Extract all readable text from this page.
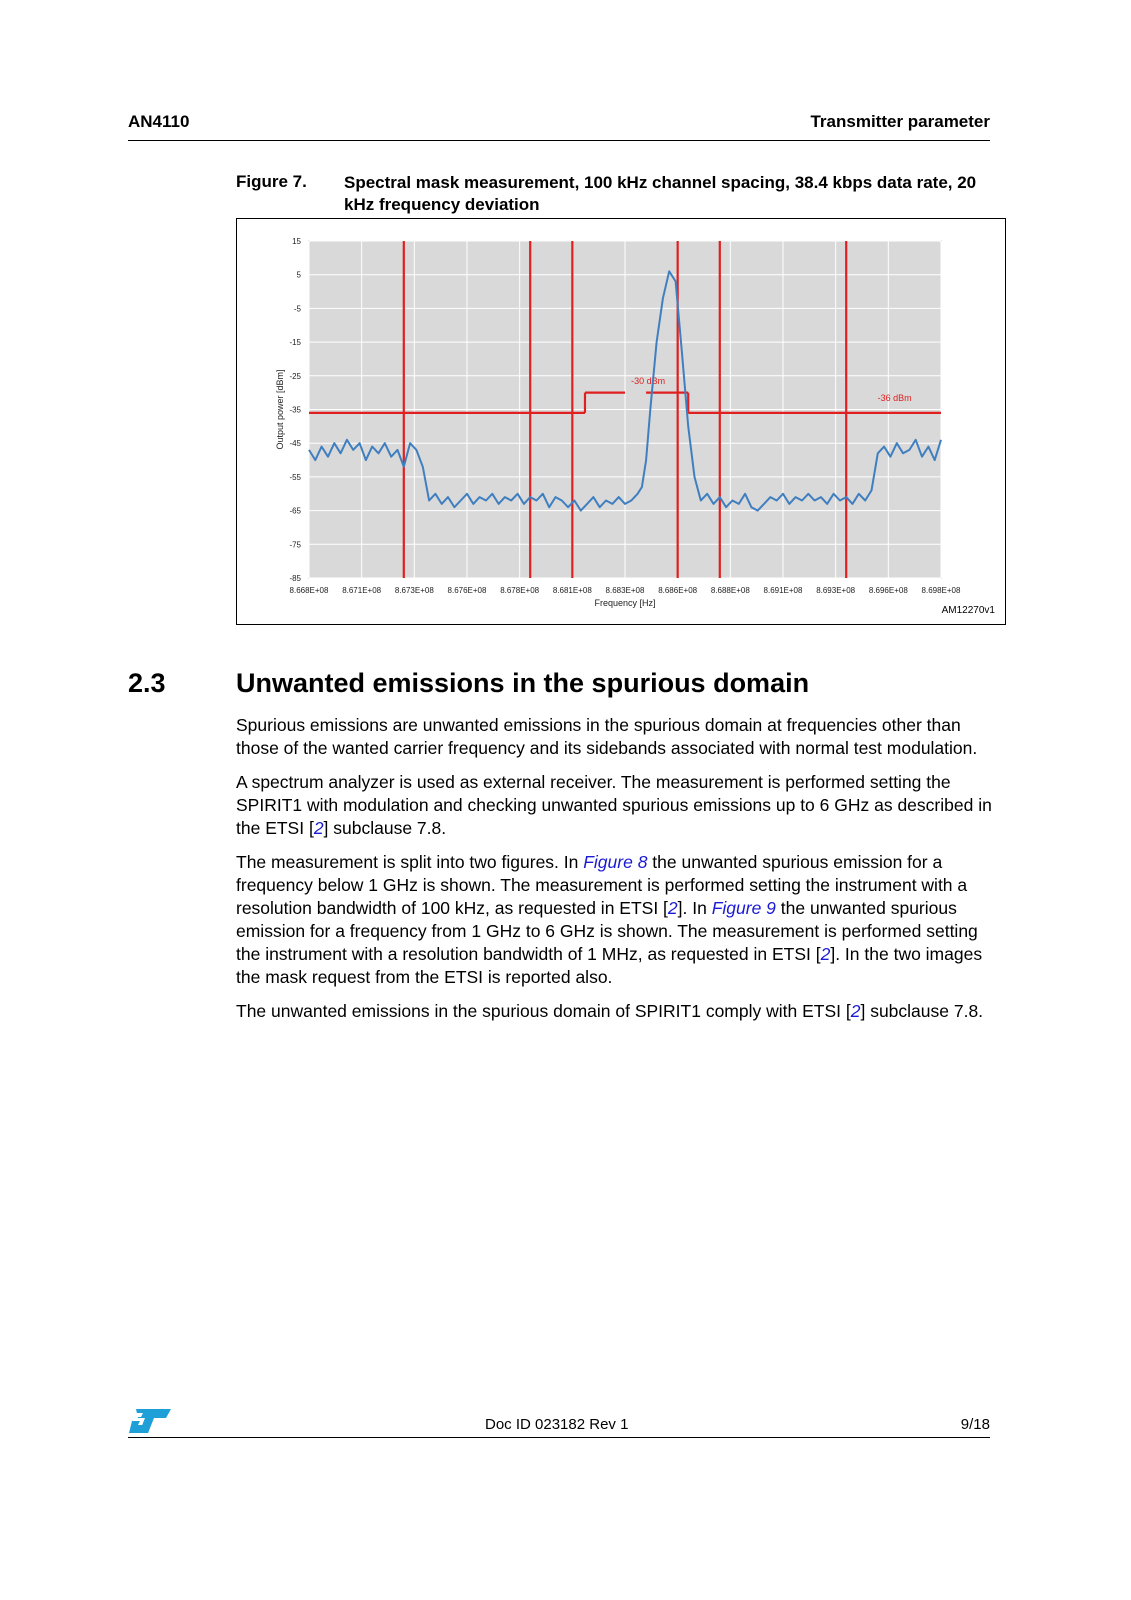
AN4110	Transmitter parameter
Figure 7. Spectral mask measurement, 100 kHz channel spacing, 38.4 kbps data rate, 20 kHz frequency deviation
8.668E+08 8.671E+08 8.673E+08 8.676E+08 8.678E+08 8.681E+08 8.683E+08 8.686E+08 8.688E+08 8.691E+08 8.693E+08 8.696E+08 8.698E+08
15
5
-5
-15
-25
-35
-45
-55
-65
-75
-85
Frequency [Hz]
Output power [dBm]	-30 dBm
-36 dBm
AM12270v1
2.3	Unwanted emissions in the spurious domain

Spurious emissions are unwanted emissions in the spurious domain at frequencies other than those of the wanted carrier frequency and its sidebands associated with normal test modulation.

A spectrum analyzer is used as external receiver. The measurement is performed setting the SPIRIT1 with modulation and checking unwanted spurious emissions up to 6 GHz as described in the ETSI [2] subclause 7.8.

The measurement is split into two figures. In Figure 8 the unwanted spurious emission for a frequency below 1 GHz is shown. The measurement is performed setting the instrument with a resolution bandwidth of 100 kHz, as requested in ETSI [2]. In Figure 9 the unwanted spurious emission for a frequency from 1 GHz to 6 GHz is shown. The measurement is performed setting the instrument with a resolution bandwidth of 1 MHz, as requested in ETSI [2]. In the two images the mask request from the ETSI is reported also.

The unwanted emissions in the spurious domain of SPIRIT1 comply with ETSI [2] subclause 7.8.

Doc ID 023182 Rev 1	9/18
